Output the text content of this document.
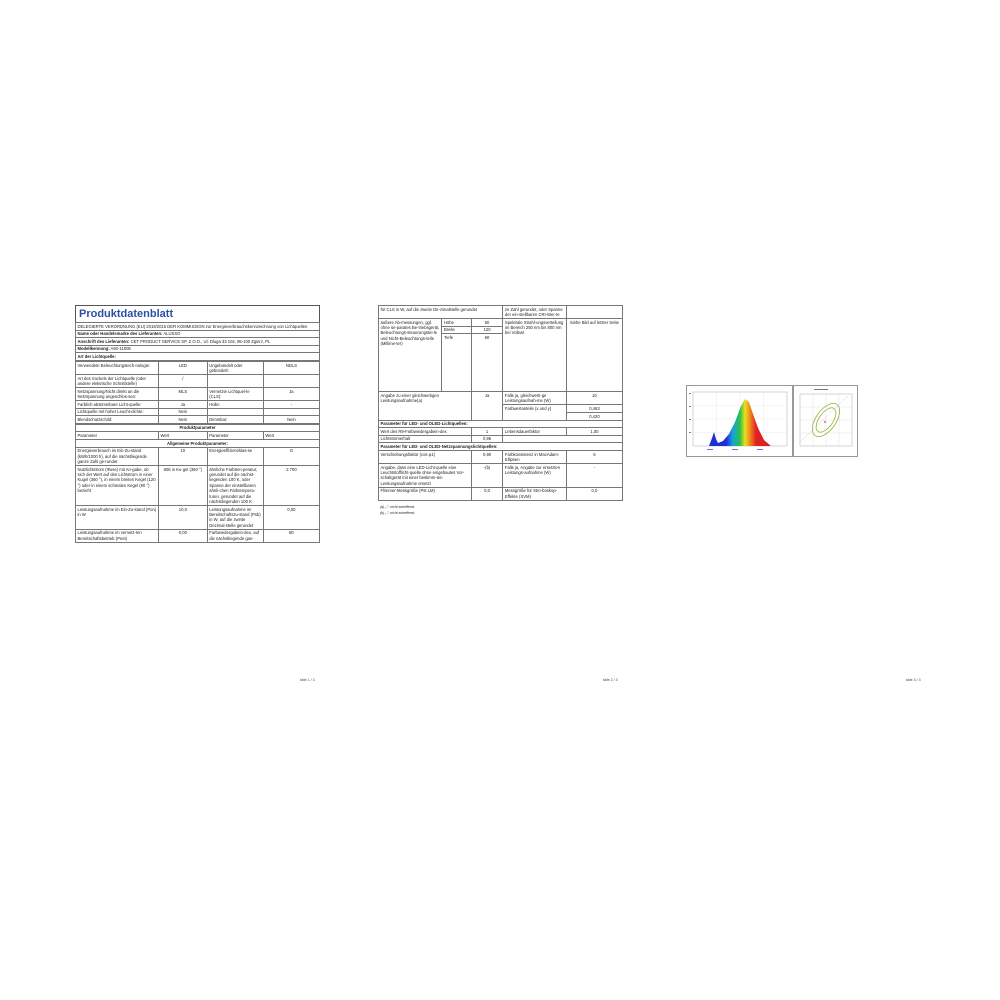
Produktdatenblatt
DELEGIERTE VERORDNUNG (EU) 2019/2015 DER KOMMISSION zur Energieverbrauchskennzeichnung von Lichtquellen
Name oder Handelsmarke des Lieferanten: ALUSSO
Anschrift des Lieferanten: CET PRODUCT SERVICE SP. Z O.O., Ul. Dluga 33 102, 95-100 Zgierz, PL
Modellkennung: A60-11005
Art der Lichtquelle:
Verwendete Beleuchtungstech-nologie:	LED	Ungebündelt oder gebündelt:	NDLS
Art des Sockels der Lichtquelle (oder andere elektrische Schnittstelle)	/		
Netzspannung/Nicht direkt an die Netzspannung angeschlos-sen:	MLS	Vernetzte Lichtquel-le (CLS):	Ja
Farblich abstimmbare Licht-quelle:	Ja	Hülle:	-
Lichtquelle mit hoher Leucht-dichte:	Nein		
Blendschutzschild:	Nein	Dimmbar:	Nein
Produktparameter			
Parameter	Wert	Parameter	Wert
Allgemeine Produktparameter:			
Energieverbrauch im Ein-Zu-stand (kWh/1000 h), auf die nächstliegende ganze Zahl ge-rundet	10	Energieeffizienzklas-se	G
Nutzlichtstrom (Φuse) mit An-gabe, ob sich der Wert auf den Lichtstrom in einer Kugel (360 °), in einem breiten Kegel (120 °) oder in einem schmalen Kegel (90 °) bezieht	806 in Ku-gel (360 °)	ähnliche Farbtem-peratur, gerundet auf die nächst-liegenden 100 K, oder Spanne der einstellbaren ähnli-chen Farbtempera-turen, gerundet auf die nächstliegenden 100 K	2 700
Leistungsaufnahme im Ein-Zu-stand (Pon) in W	10,0	Leistungsaufnahme im Bereitschaftszu-stand (Psb) in W, auf die zweite Dezimal-stelle gerundet	0,00
Leistungsaufnahme im vernetz-ten Bereitschaftsbetrieb (Pnet)	0,00	Farbwiedergabein-dex, auf die nächstliegende gan-	80
taile 1 / 3
für CLS in W, auf die zweite De-zimalstelle gerundet			ze Zahl gerundet, oder Spanne der ein-stellbaren CRI-Wer-te	
äußere Ab-messungen, ggf. ohne se-parates Be-triebsgerät, Beleuchtungs-steuerungstei-le und Nicht-Beleuchtungs-teile (Millime-ter)	Höhe	60	Spektrale Strahl-ungsverteilung im Bereich 250 nm bis 800 nm bei Vollast	Siehe Bild auf letzter Seite
	Breite	120		
	Tiefe	60		
Angabe zu einer gleichwertigen Leistungsaufnahme(a)		Ja	Falls ja, gleichwerti-ge Leistungsaufnah-me (W)	10
			Farbwertanteile (x und y)	0,463
				0,420
Parameter für LED- und OLED-Lichtquellen:				
Wert des R9-Farbwiedergabein-dex		1	Lebensdauerfaktor	1,00
Lichtstromerhalt		0,96		
Parameter für LED- und OLED-Netzspannungslichtquellen:				
Verschiebungsfaktor (cos φ1)		0,90	Farbkonsistenz in MacAdam-Ellipsen	6
Angabe, dass eine LED-Licht-quelle eine Leuchtstofflicht-quelle ohne eingebautes Vor-schaltgerät mit einer bestimm-ten Leistungsaufnahme ersetzt		-(b)	Falls ja, Angabe zur ersetzten Leistungs-aufnahme (W)	-
Flimmer-Messgröße (Pst LM)		0,0	Messgröße für Stro-boskop-Effekte (SVM)	0,0
(a) „-": nicht zutreffend;
(b) „-": nicht zutreffend;
taile 2 / 3	taile 3 / 3
